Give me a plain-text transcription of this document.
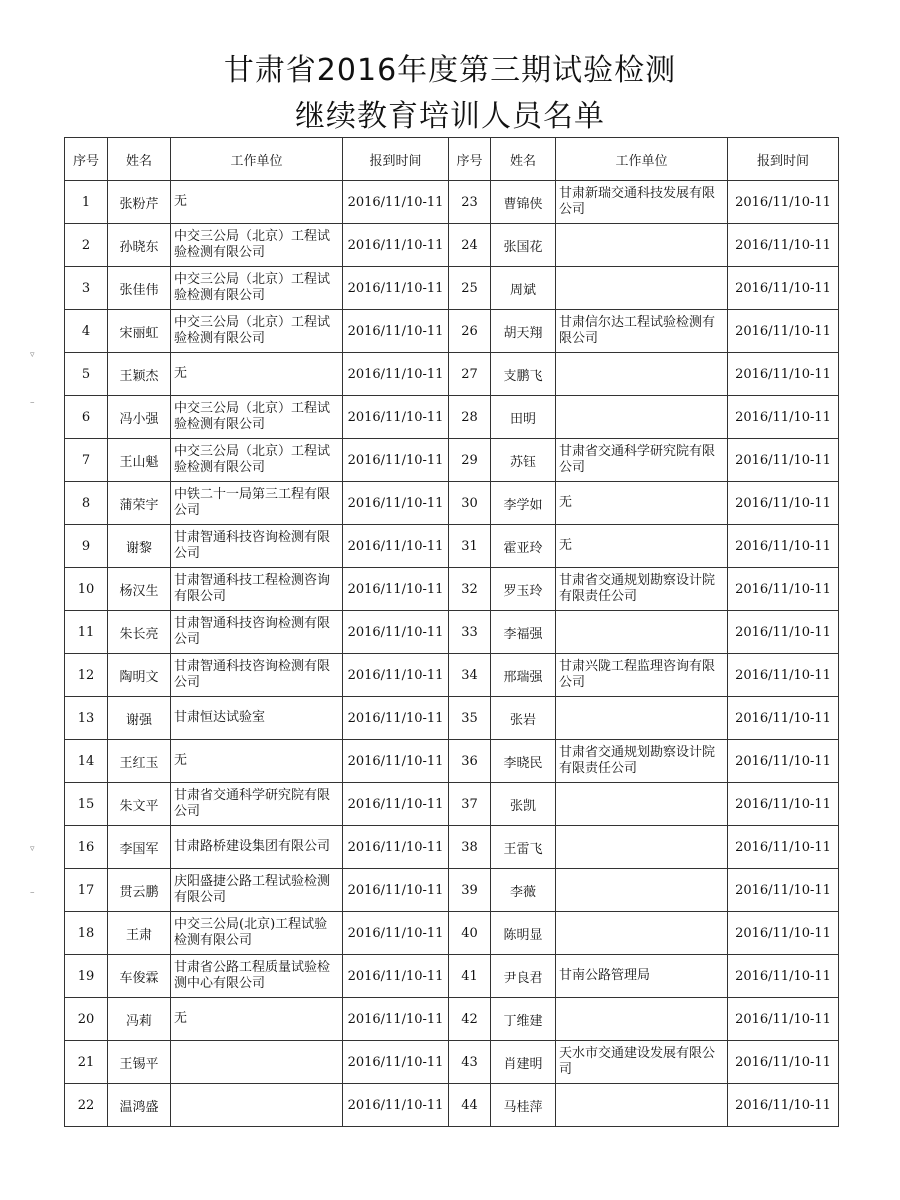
甘肃省2016年度第三期试验检测
继续教育培训人员名单
▿
–
▿
–
序号	姓名	工作单位	报到时间	序号	姓名	工作单位	报到时间
1	张粉芹	无	2016/11/10-11	23	曹锦侠	甘肃新瑞交通科技发展有限公司	2016/11/10-11
2	孙晓东	中交三公局（北京）工程试验检测有限公司	2016/11/10-11	24	张国花		2016/11/10-11
3	张佳伟	中交三公局（北京）工程试验检测有限公司	2016/11/10-11	25	周斌		2016/11/10-11
4	宋丽虹	中交三公局（北京）工程试验检测有限公司	2016/11/10-11	26	胡天翔	甘肃信尔达工程试验检测有限公司	2016/11/10-11
5	王颖杰	无	2016/11/10-11	27	支鹏飞		2016/11/10-11
6	冯小强	中交三公局（北京）工程试验检测有限公司	2016/11/10-11	28	田明		2016/11/10-11
7	王山魁	中交三公局（北京）工程试验检测有限公司	2016/11/10-11	29	苏钰	甘肃省交通科学研究院有限公司	2016/11/10-11
8	蒲荣宇	中铁二十一局第三工程有限公司	2016/11/10-11	30	李学如	无	2016/11/10-11
9	谢黎	甘肃智通科技咨询检测有限公司	2016/11/10-11	31	霍亚玲	无	2016/11/10-11
10	杨汉生	甘肃智通科技工程检测咨询有限公司	2016/11/10-11	32	罗玉玲	甘肃省交通规划勘察设计院有限责任公司	2016/11/10-11
11	朱长亮	甘肃智通科技咨询检测有限公司	2016/11/10-11	33	李福强		2016/11/10-11
12	陶明文	甘肃智通科技咨询检测有限公司	2016/11/10-11	34	邢瑞强	甘肃兴陇工程监理咨询有限公司	2016/11/10-11
13	谢强	甘肃恒达试验室	2016/11/10-11	35	张岩		2016/11/10-11
14	王红玉	无	2016/11/10-11	36	李晓民	甘肃省交通规划勘察设计院有限责任公司	2016/11/10-11
15	朱文平	甘肃省交通科学研究院有限公司	2016/11/10-11	37	张凯		2016/11/10-11
16	李国军	甘肃路桥建设集团有限公司	2016/11/10-11	38	王雷飞		2016/11/10-11
17	贯云鹏	庆阳盛捷公路工程试验检测有限公司	2016/11/10-11	39	李薇		2016/11/10-11
18	王肃	中交三公局(北京)工程试验检测有限公司	2016/11/10-11	40	陈明显		2016/11/10-11
19	车俊霖	甘肃省公路工程质量试验检测中心有限公司	2016/11/10-11	41	尹良君	甘南公路管理局	2016/11/10-11
20	冯莉	无	2016/11/10-11	42	丁维建		2016/11/10-11
21	王锡平		2016/11/10-11	43	肖建明	天水市交通建设发展有限公司	2016/11/10-11
22	温鸿盛		2016/11/10-11	44	马桂萍		2016/11/10-11
